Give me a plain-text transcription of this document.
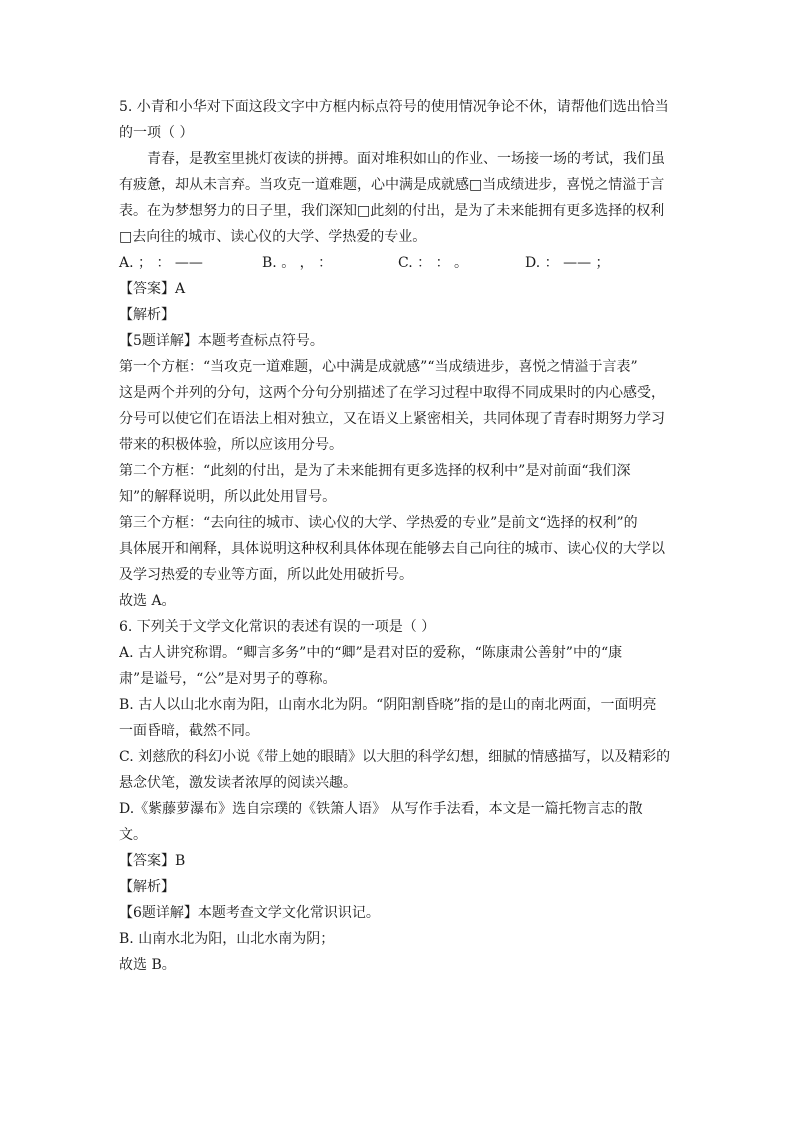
5. 小青和小华对下面这段文字中方框内标点符号的使用情况争论不休，请帮他们选出恰当
的一项（ ）
青春，是教室里挑灯夜读的拼搏。面对堆积如山的作业、一场接一场的考试，我们虽
有疲惫，却从未言弃。当攻克一道难题，心中满是成就感□当成绩进步，喜悦之情溢于言
表。在为梦想努力的日子里，我们深知□此刻的付出，是为了未来能拥有更多选择的权利
□去向往的城市、读心仪的大学、学热爱的专业。
A. ； ： ——	B. 。 ， ：	C. ： ： 。	D. ： —— ；
【答案】A
【解析】
【5题详解】本题考查标点符号。
第一个方框：“当攻克一道难题，心中满是成就感”“当成绩进步，喜悦之情溢于言表”
这是两个并列的分句，这两个分句分别描述了在学习过程中取得不同成果时的内心感受，
分号可以使它们在语法上相对独立，又在语义上紧密相关，共同体现了青春时期努力学习
带来的积极体验，所以应该用分号。
第二个方框：“此刻的付出，是为了未来能拥有更多选择的权利中”是对前面“我们深
知”的解释说明，所以此处用冒号。
第三个方框：“去向往的城市、读心仪的大学、学热爱的专业”是前文“选择的权利”的
具体展开和阐释，具体说明这种权利具体体现在能够去自己向往的城市、读心仪的大学以
及学习热爱的专业等方面，所以此处用破折号。
故选 A。
6. 下列关于文学文化常识的表述有误的一项是（ ）
A. 古人讲究称谓。“卿言多务”中的“卿”是君对臣的爱称，“陈康肃公善射”中的“康
肃”是谥号，“公”是对男子的尊称。
B. 古人以山北水南为阳，山南水北为阴。“阴阳割昏晓”指的是山的南北两面，一面明亮
一面昏暗，截然不同。
C. 刘慈欣的科幻小说《带上她的眼睛》以大胆的科学幻想，细腻的情感描写，以及精彩的
悬念伏笔，激发读者浓厚的阅读兴趣。
D.《紫藤萝瀑布》选自宗璞的《铁箫人语》 从写作手法看，本文是一篇托物言志的散
文。
【答案】B
【解析】
【6题详解】本题考查文学文化常识识记。
B. 山南水北为阳，山北水南为阴；
故选 B。
